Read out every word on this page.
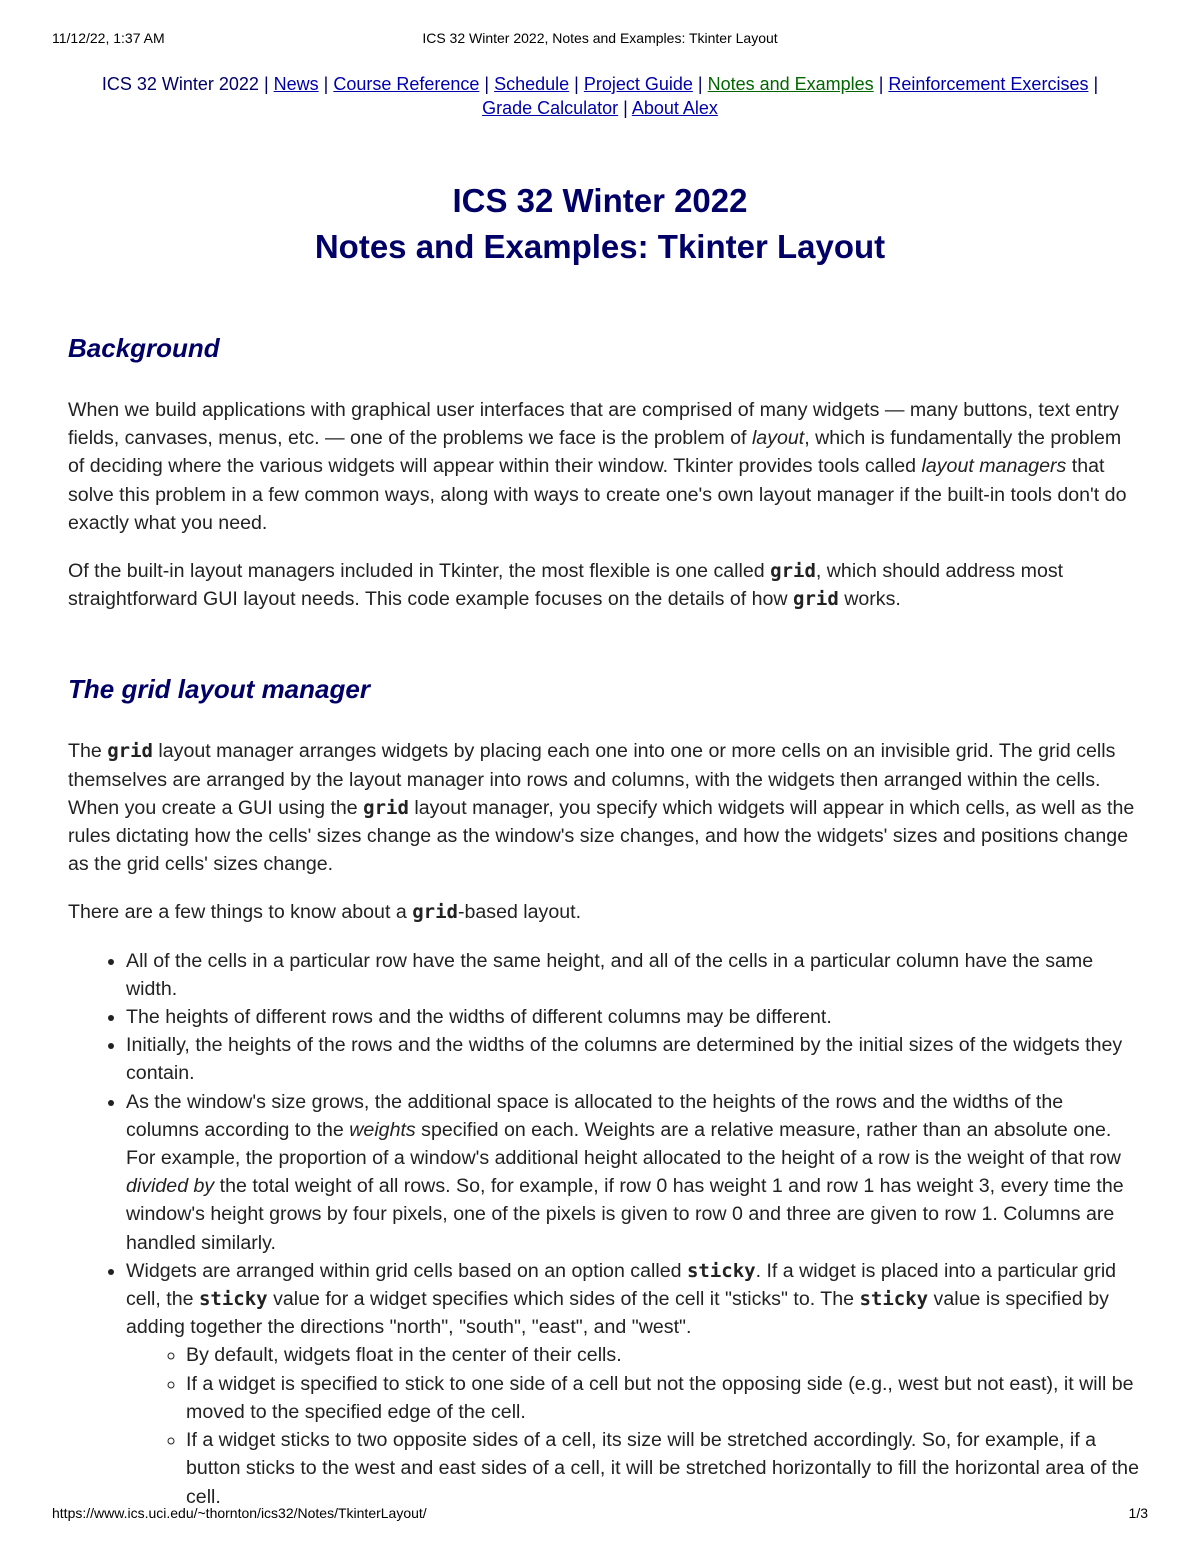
11/12/22, 1:37 AM	ICS 32 Winter 2022, Notes and Examples: Tkinter Layout
ICS 32 Winter 2022 | News | Course Reference | Schedule | Project Guide | Notes and Examples | Reinforcement Exercises | Grade Calculator | About Alex
ICS 32 Winter 2022
Notes and Examples: Tkinter Layout
Background

When we build applications with graphical user interfaces that are comprised of many widgets — many buttons, text entry fields, canvases, menus, etc. — one of the problems we face is the problem of layout, which is fundamentally the problem of deciding where the various widgets will appear within their window. Tkinter provides tools called layout managers that solve this problem in a few common ways, along with ways to create one's own layout manager if the built-in tools don't do exactly what you need.

Of the built-in layout managers included in Tkinter, the most flexible is one called grid, which should address most straightforward GUI layout needs. This code example focuses on the details of how grid works.

The grid layout manager

The grid layout manager arranges widgets by placing each one into one or more cells on an invisible grid. The grid cells themselves are arranged by the layout manager into rows and columns, with the widgets then arranged within the cells. When you create a GUI using the grid layout manager, you specify which widgets will appear in which cells, as well as the rules dictating how the cells' sizes change as the window's size changes, and how the widgets' sizes and positions change as the grid cells' sizes change.

There are a few things to know about a grid-based layout.

• All of the cells in a particular row have the same height, and all of the cells in a particular column have the same width.
• The heights of different rows and the widths of different columns may be different.
• Initially, the heights of the rows and the widths of the columns are determined by the initial sizes of the widgets they contain.
• As the window's size grows, the additional space is allocated to the heights of the rows and the widths of the columns according to the weights specified on each. Weights are a relative measure, rather than an absolute one. For example, the proportion of a window's additional height allocated to the height of a row is the weight of that row divided by the total weight of all rows. So, for example, if row 0 has weight 1 and row 1 has weight 3, every time the window's height grows by four pixels, one of the pixels is given to row 0 and three are given to row 1. Columns are handled similarly.
• Widgets are arranged within grid cells based on an option called sticky. If a widget is placed into a particular grid cell, the sticky value for a widget specifies which sides of the cell it "sticks" to. The sticky value is specified by adding together the directions "north", "south", "east", and "west".
◦ By default, widgets float in the center of their cells.
◦ If a widget is specified to stick to one side of a cell but not the opposing side (e.g., west but not east), it will be moved to the specified edge of the cell.
◦ If a widget sticks to two opposite sides of a cell, its size will be stretched accordingly. So, for example, if a button sticks to the west and east sides of a cell, it will be stretched horizontally to fill the horizontal area of the cell.
https://www.ics.uci.edu/~thornton/ics32/Notes/TkinterLayout/	1/3
